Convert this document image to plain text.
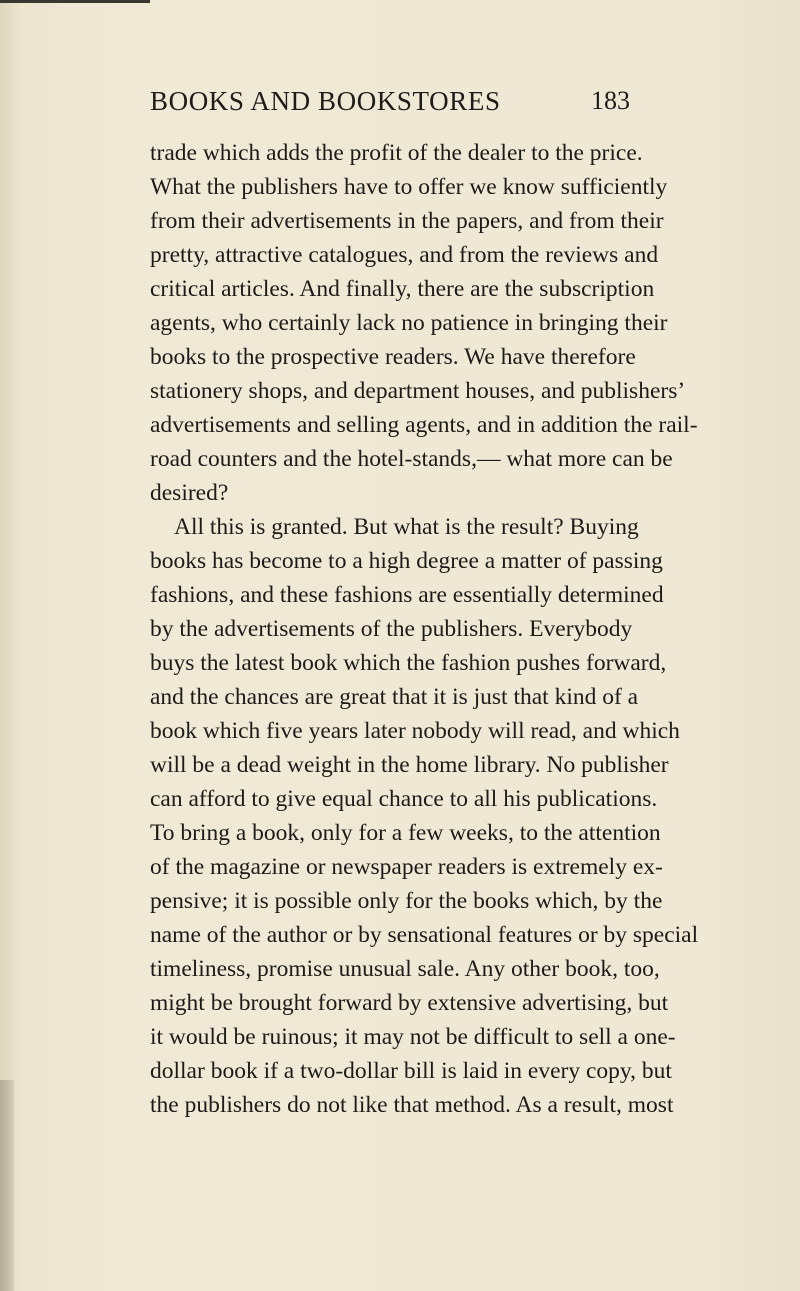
BOOKS AND BOOKSTORES	183
trade which adds the profit of the dealer to the price.
What the publishers have to offer we know sufficiently
from their advertisements in the papers, and from their
pretty, attractive catalogues, and from the reviews and
critical articles. And finally, there are the subscription
agents, who certainly lack no patience in bringing their
books to the prospective readers. We have therefore
stationery shops, and department houses, and publishers’
advertisements and selling agents, and in addition the rail-
road counters and the hotel-stands,— what more can be
desired?
All this is granted. But what is the result? Buying
books has become to a high degree a matter of passing
fashions, and these fashions are essentially determined
by the advertisements of the publishers. Everybody
buys the latest book which the fashion pushes forward,
and the chances are great that it is just that kind of a
book which five years later nobody will read, and which
will be a dead weight in the home library. No publisher
can afford to give equal chance to all his publications.
To bring a book, only for a few weeks, to the attention
of the magazine or newspaper readers is extremely ex-
pensive; it is possible only for the books which, by the
name of the author or by sensational features or by special
timeliness, promise unusual sale. Any other book, too,
might be brought forward by extensive advertising, but
it would be ruinous; it may not be difficult to sell a one-
dollar book if a two-dollar bill is laid in every copy, but
the publishers do not like that method. As a result, most
